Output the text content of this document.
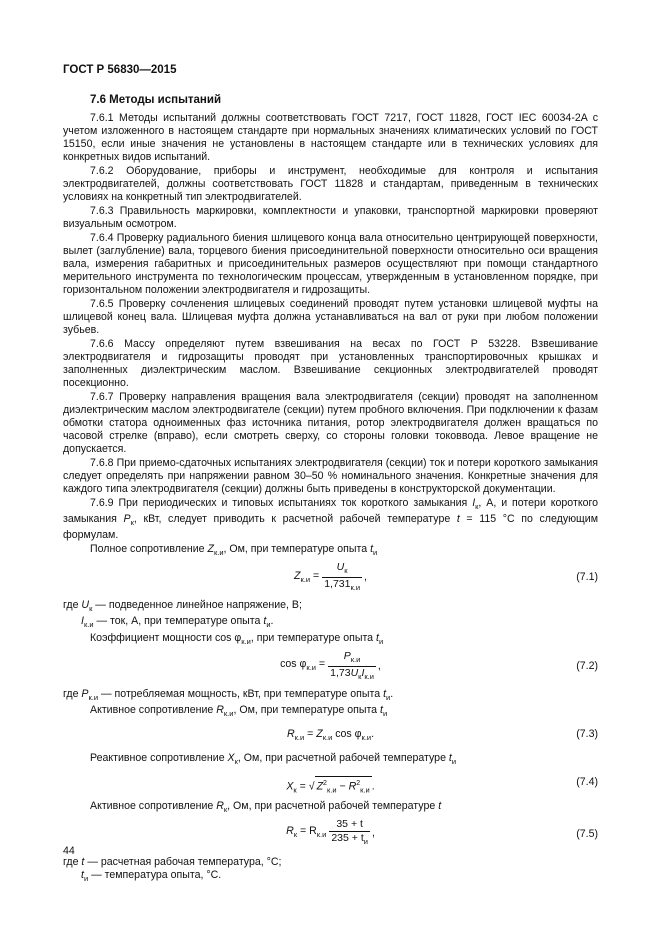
ГОСТ Р 56830—2015
7.6 Методы испытаний

7.6.1 Методы испытаний должны соответствовать ГОСТ 7217, ГОСТ 11828, ГОСТ IEC 60034-2A с учетом изложенного в настоящем стандарте при нормальных значениях климатических условий по ГОСТ 15150, если иные значения не установлены в настоящем стандарте или в технических условиях для конкретных видов испытаний.

7.6.2 Оборудование, приборы и инструмент, необходимые для контроля и испытания электродвигателей, должны соответствовать ГОСТ 11828 и стандартам, приведенным в технических условиях на конкретный тип электродвигателей.

7.6.3 Правильность маркировки, комплектности и упаковки, транспортной маркировки проверяют визуальным осмотром.

7.6.4 Проверку радиального биения шлицевого конца вала относительно центрирующей поверхности, вылет (заглубление) вала, торцевого биения присоединительной поверхности относительно оси вращения вала, измерения габаритных и присоединительных размеров осуществляют при помощи стандартного мерительного инструмента по технологическим процессам, утвержденным в установленном порядке, при горизонтальном положении электродвигателя и гидрозащиты.

7.6.5 Проверку сочленения шлицевых соединений проводят путем установки шлицевой муфты на шлицевой конец вала. Шлицевая муфта должна устанавливаться на вал от руки при любом положении зубьев.

7.6.6 Массу определяют путем взвешивания на весах по ГОСТ Р 53228. Взвешивание электродвигателя и гидрозащиты проводят при установленных транспортировочных крышках и заполненных диэлектрическим маслом. Взвешивание секционных электродвигателей проводят посекционно.

7.6.7 Проверку направления вращения вала электродвигателя (секции) проводят на заполненном диэлектрическим маслом электродвигателе (секции) путем пробного включения. При подключении к фазам обмотки статора одноименных фаз источника питания, ротор электродвигателя должен вращаться по часовой стрелке (вправо), если смотреть сверху, со стороны головки токоввода. Левое вращение не допускается.

7.6.8 При приемо-сдаточных испытаниях электродвигателя (секции) ток и потери короткого замыкания следует определять при напряжении равном 30–50 % номинального значения. Конкретные значения для каждого типа электродвигателя (секции) должны быть приведены в конструкторской документации.

7.6.9 При периодических и типовых испытаниях ток короткого замыкания $I_к$, А, и потери короткого замыкания $P_к$, кВт, следует приводить к расчетной рабочей температуре t = 115 °C по следующим формулам.

Полное сопротивление $Z_{к.и}$, Ом, при температуре опыта $t_и$

$Z_{к.и} = \frac{U_к}{1,731_{к.и}}$ ,	(7.1)

где $U_к$ — подведенное линейное напряжение, В;

$I_{к.и}$ — ток, А, при температуре опыта $t_и$.

Коэффициент мощности $\cos \varphi_{к.и}$, при температуре опыта $t_и$

$\cos \varphi_{к.и} = \frac{P_{к.и}}{1,73U_кI_{к.и}}$ ,	(7.2)

где $P_{к.и}$ — потребляемая мощность, кВт, при температуре опыта $t_и$.

Активное сопротивление $R_{к.и}$, Ом, при температуре опыта $t_и$

$R_{к.и} = Z_{к.и}$ $\cos \varphi_{к.и}$.	(7.3)

Реактивное сопротивление $X_к$, Ом, при расчетной рабочей температуре $t_и$

$X_к$ = √ $Z^2_{к.и} - R^2_{к.и}$ .	(7.4)

Активное сопротивление $R_к$, Ом, при расчетной рабочей температуре t

$R_к = R_{к.и} \frac{35 + t}{235 + t_и}$ ,	(7.5)

где t — расчетная рабочая температура, °С;

$t_и$ — температура опыта, °С.

44
